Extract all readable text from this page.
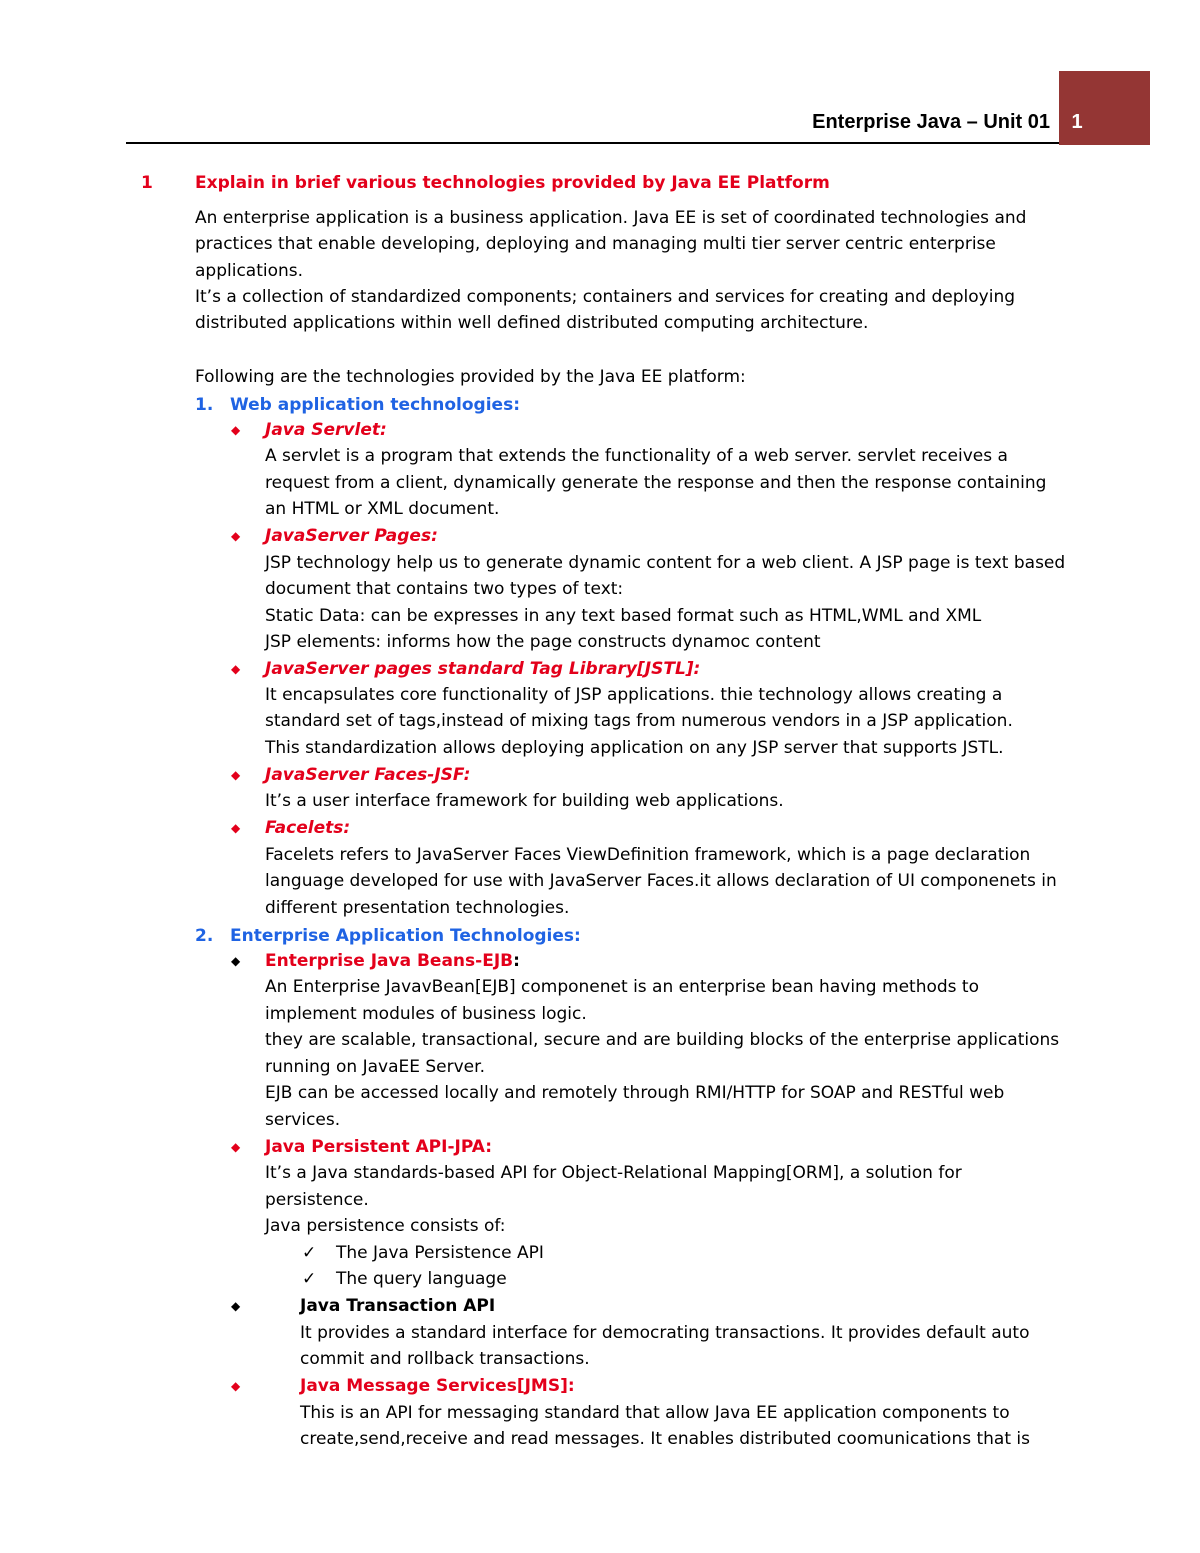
1
Enterprise Java – Unit 01
1 Explain in brief various technologies provided by Java EE Platform
An enterprise application is a business application. Java EE is set of coordinated technologies and
practices that enable developing, deploying and managing multi tier server centric enterprise
applications.
It’s a collection of standardized components; containers and services for creating and deploying
distributed applications within well defined distributed computing architecture.
Following are the technologies provided by the Java EE platform:
1. Web application technologies:
◆ Java Servlet:
A servlet is a program that extends the functionality of a web server. servlet receives a
request from a client, dynamically generate the response and then the response containing
an HTML or XML document.
◆ JavaServer Pages:
JSP technology help us to generate dynamic content for a web client. A JSP page is text based
document that contains two types of text:
Static Data: can be expresses in any text based format such as HTML,WML and XML
JSP elements: informs how the page constructs dynamoc content
◆ JavaServer pages standard Tag Library[JSTL]:
It encapsulates core functionality of JSP applications. thie technology allows creating a
standard set of tags,instead of mixing tags from numerous vendors in a JSP application.
This standardization allows deploying application on any JSP server that supports JSTL.
◆ JavaServer Faces-JSF:
It’s a user interface framework for building web applications.
◆ Facelets:
Facelets refers to JavaServer Faces ViewDefinition framework, which is a page declaration
language developed for use with JavaServer Faces.it allows declaration of UI componenets in
different presentation technologies.
2. Enterprise Application Technologies:
◆ Enterprise Java Beans-EJB:
An Enterprise JavavBean[EJB] componenet is an enterprise bean having methods to
implement modules of business logic.
they are scalable, transactional, secure and are building blocks of the enterprise applications
running on JavaEE Server.
EJB can be accessed locally and remotely through RMI/HTTP for SOAP and RESTful web
services.
◆ Java Persistent API-JPA:
It’s a Java standards-based API for Object-Relational Mapping[ORM], a solution for
persistence.
Java persistence consists of:
✓ The Java Persistence API
✓ The query language
◆	Java Transaction API
It provides a standard interface for democrating transactions. It provides default auto
commit and rollback transactions.
◆	Java Message Services[JMS]:
This is an API for messaging standard that allow Java EE application components to
create,send,receive and read messages. It enables distributed coomunications that is
